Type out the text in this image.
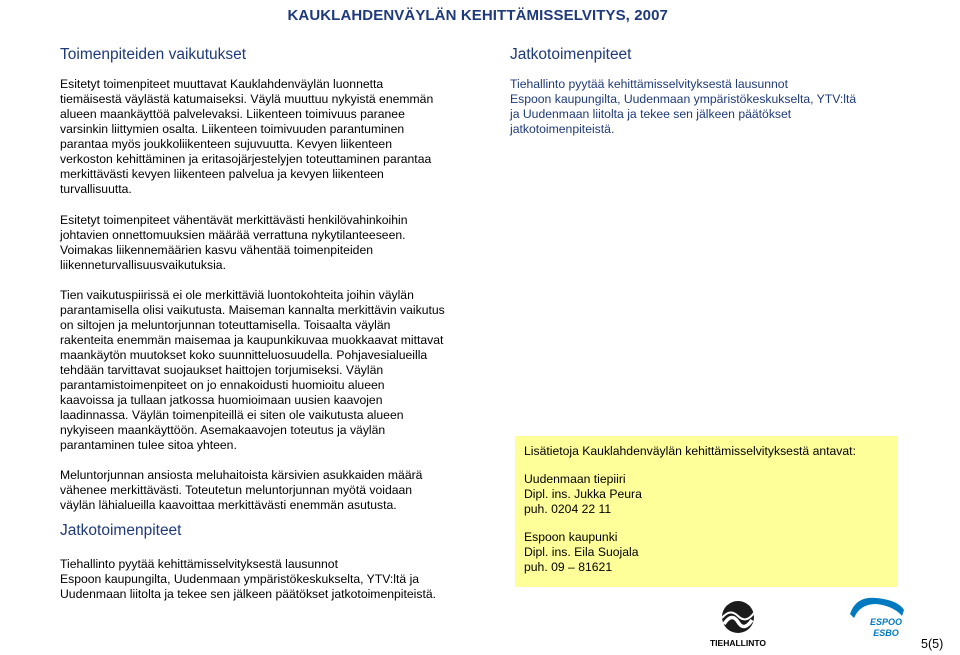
KAUKLAHDENVÄYLÄN KEHITTÄMISSELVITYS, 2007
Toimenpiteiden vaikutukset

Esitetyt toimenpiteet muuttavat Kauklahdenväylän luonnetta
tiemäisestä väylästä katumaiseksi. Väylä muuttuu nykyistä enemmän
alueen maankäyttöä palvelevaksi. Liikenteen toimivuus paranee
varsinkin liittymien osalta. Liikenteen toimivuuden parantuminen
parantaa myös joukkoliikenteen sujuvuutta. Kevyen liikenteen
verkoston kehittäminen ja eritasojärjestelyjen toteuttaminen parantaa
merkittävästi kevyen liikenteen palvelua ja kevyen liikenteen
turvallisuutta.

Esitetyt toimenpiteet vähentävät merkittävästi henkilövahinkoihin
johtavien onnettomuuksien määrää verrattuna nykytilanteeseen.
Voimakas liikennemäärien kasvu vähentää toimenpiteiden
liikenneturvallisuusvaikutuksia.

Tien vaikutuspiirissä ei ole merkittäviä luontokohteita joihin väylän
parantamisella olisi vaikutusta. Maiseman kannalta merkittävin vaikutus
on siltojen ja meluntorjunnan toteuttamisella. Toisaalta väylän
rakenteita enemmän maisemaa ja kaupunkikuvaa muokkaavat mittavat
maankäytön muutokset koko suunnitteluosuudella. Pohjavesialueilla
tehdään tarvittavat suojaukset haittojen torjumiseksi. Väylän
parantamistoimenpiteet on jo ennakoidusti huomioitu alueen
kaavoissa ja tullaan jatkossa huomioimaan uusien kaavojen
laadinnassa. Väylän toimenpiteillä ei siten ole vaikutusta alueen
nykyiseen maankäyttöön. Asemakaavojen toteutus ja väylän
parantaminen tulee sitoa yhteen.

Meluntorjunnan ansiosta meluhaitoista kärsivien asukkaiden määrä
vähenee merkittävästi. Toteutetun meluntorjunnan myötä voidaan
väylän lähialueilla kaavoittaa merkittävästi enemmän asutusta.

Jatkotoimenpiteet

Tiehallinto pyytää kehittämisselvityksestä lausunnot
Espoon kaupungilta, Uudenmaan ympäristökeskukselta, YTV:ltä ja
Uudenmaan liitolta ja tekee sen jälkeen päätökset jatkotoimenpiteistä.

Jatkotoimenpiteet

Tiehallinto pyytää kehittämisselvityksestä lausunnot
Espoon kaupungilta, Uudenmaan ympäristökeskukselta, YTV:ltä
ja Uudenmaan liitolta ja tekee sen jälkeen päätökset
jatkotoimenpiteistä.

Lisätietoja Kauklahdenväylän kehittämisselvityksestä antavat:

Uudenmaan tiepiiri

Dipl. ins. Jukka Peura

puh. 0204 22 11

Espoon kaupunki

Dipl. ins. Eila Suojala

puh. 09 – 81621

TIEHALLINTO
ESPOO
ESBO
5(5)
